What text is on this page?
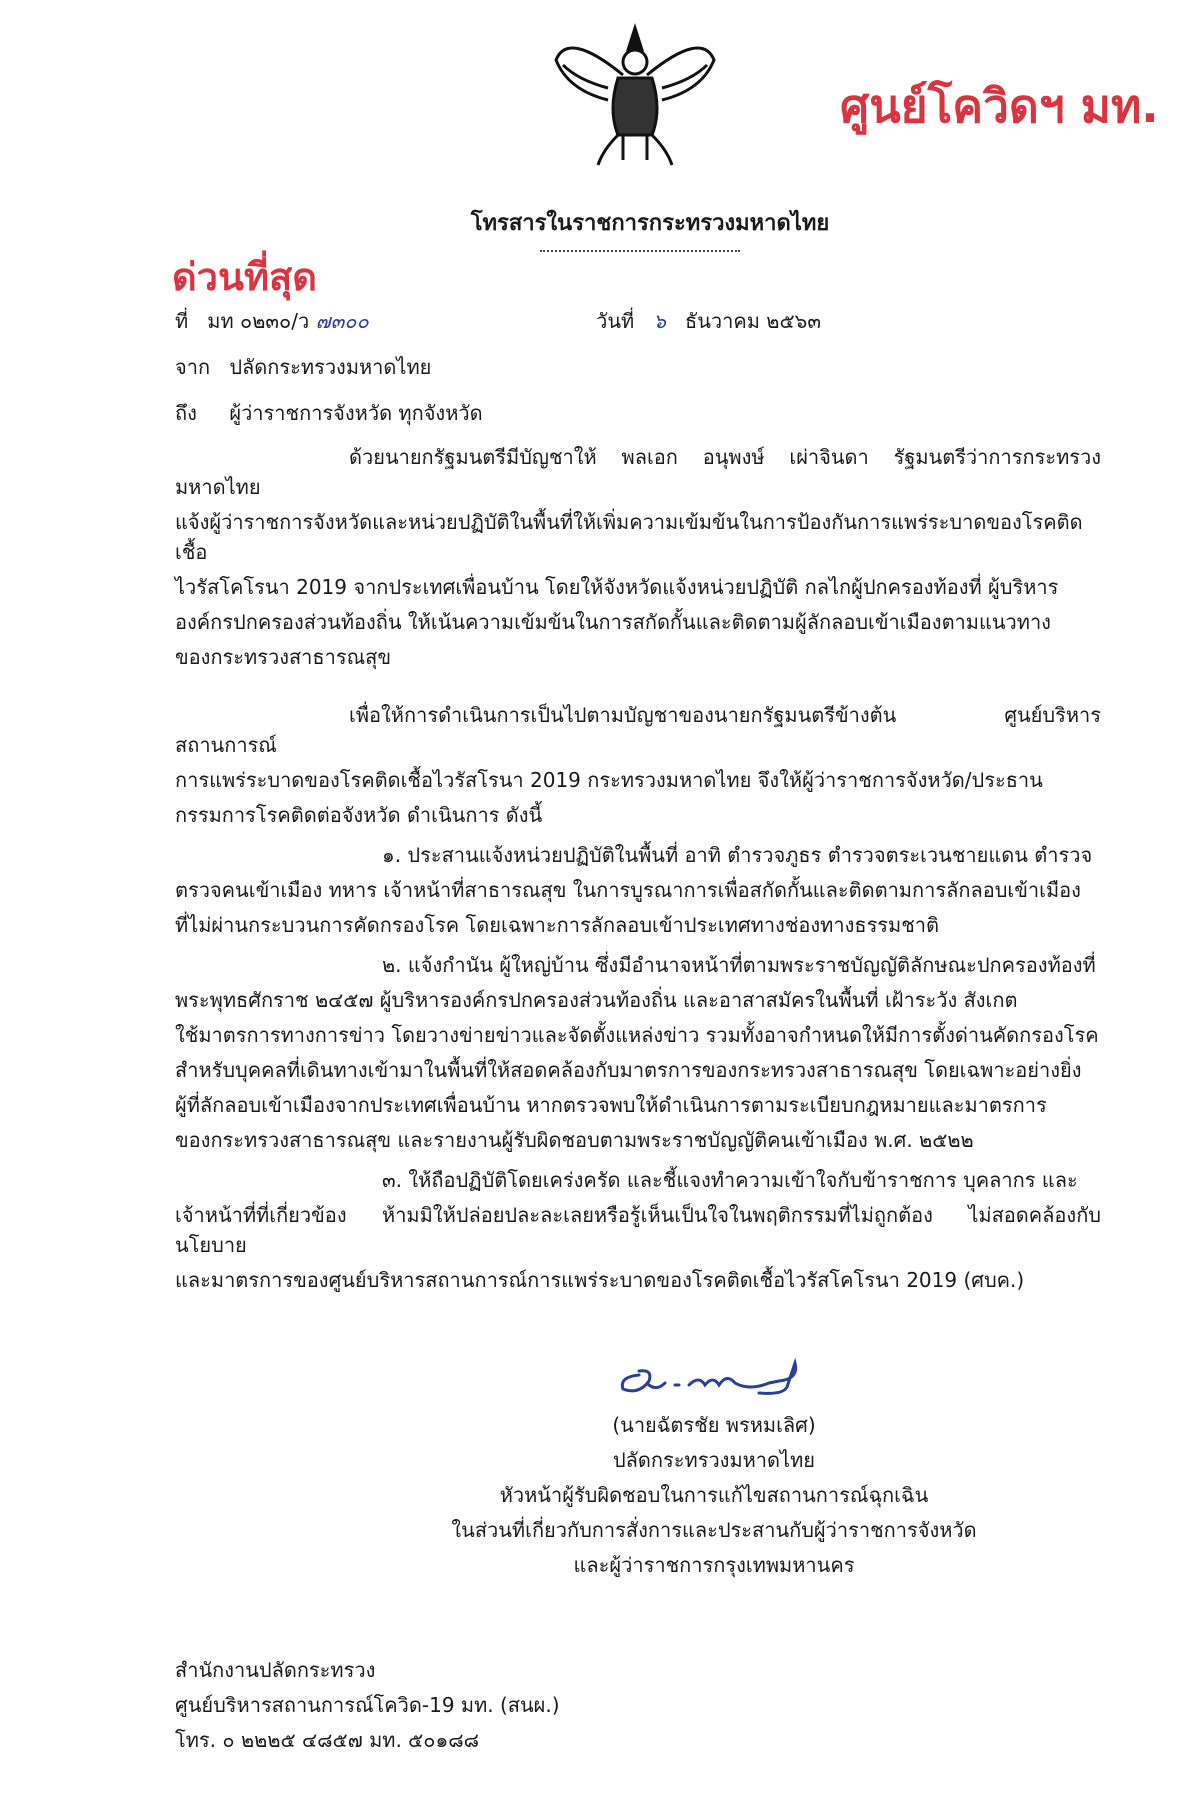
ศูนย์โควิดฯ มท.
โทรสารในราชการกระทรวงมหาดไทย
ด่วนที่สุด
ที่ มท ๐๒๓๐/ว ๗๓๐๐	วันที่ ๖ ธันวาคม ๒๕๖๓
จาก ปลัดกระทรวงมหาดไทย
ถึง ผู้ว่าราชการจังหวัด ทุกจังหวัด
ด้วยนายกรัฐมนตรีมีบัญชาให้ พลเอก อนุพงษ์ เผ่าจินดา รัฐมนตรีว่าการกระทรวงมหาดไทย
แจ้งผู้ว่าราชการจังหวัดและหน่วยปฏิบัติในพื้นที่ให้เพิ่มความเข้มข้นในการป้องกันการแพร่ระบาดของโรคติดเชื้อ
ไวรัสโคโรนา 2019 จากประเทศเพื่อนบ้าน โดยให้จังหวัดแจ้งหน่วยปฏิบัติ กลไกผู้ปกครองท้องที่ ผู้บริหาร
องค์กรปกครองส่วนท้องถิ่น ให้เน้นความเข้มข้นในการสกัดกั้นและติดตามผู้ลักลอบเข้าเมืองตามแนวทาง
ของกระทรวงสาธารณสุข
เพื่อให้การดำเนินการเป็นไปตามบัญชาของนายกรัฐมนตรีข้างต้น ศูนย์บริหารสถานการณ์
การแพร่ระบาดของโรคติดเชื้อไวรัสโรนา 2019 กระทรวงมหาดไทย จึงให้ผู้ว่าราชการจังหวัด/ประธาน
กรรมการโรคติดต่อจังหวัด ดำเนินการ ดังนี้
๑. ประสานแจ้งหน่วยปฏิบัติในพื้นที่ อาทิ ตำรวจภูธร ตำรวจตระเวนชายแดน ตำรวจ
ตรวจคนเข้าเมือง ทหาร เจ้าหน้าที่สาธารณสุข ในการบูรณาการเพื่อสกัดกั้นและติดตามการลักลอบเข้าเมือง
ที่ไม่ผ่านกระบวนการคัดกรองโรค โดยเฉพาะการลักลอบเข้าประเทศทางช่องทางธรรมชาติ
๒. แจ้งกำนัน ผู้ใหญ่บ้าน ซึ่งมีอำนาจหน้าที่ตามพระราชบัญญัติลักษณะปกครองท้องที่
พระพุทธศักราช ๒๔๕๗ ผู้บริหารองค์กรปกครองส่วนท้องถิ่น และอาสาสมัครในพื้นที่ เฝ้าระวัง สังเกต
ใช้มาตรการทางการข่าว โดยวางข่ายข่าวและจัดตั้งแหล่งข่าว รวมทั้งอาจกำหนดให้มีการตั้งด่านคัดกรองโรค
สำหรับบุคคลที่เดินทางเข้ามาในพื้นที่ให้สอดคล้องกับมาตรการของกระทรวงสาธารณสุข โดยเฉพาะอย่างยิ่ง
ผู้ที่ลักลอบเข้าเมืองจากประเทศเพื่อนบ้าน หากตรวจพบให้ดำเนินการตามระเบียบกฎหมายและมาตรการ
ของกระทรวงสาธารณสุข และรายงานผู้รับผิดชอบตามพระราชบัญญัติคนเข้าเมือง พ.ศ. ๒๕๒๒
๓. ให้ถือปฏิบัติโดยเคร่งครัด และชี้แจงทำความเข้าใจกับข้าราชการ บุคลากร และ
เจ้าหน้าที่ที่เกี่ยวข้อง ห้ามมิให้ปล่อยปละละเลยหรือรู้เห็นเป็นใจในพฤติกรรมที่ไม่ถูกต้อง ไม่สอดคล้องกับนโยบาย
และมาตรการของศูนย์บริหารสถานการณ์การแพร่ระบาดของโรคติดเชื้อไวรัสโคโรนา 2019 (ศบค.)
(นายฉัตรชัย พรหมเลิศ)
ปลัดกระทรวงมหาดไทย
หัวหน้าผู้รับผิดชอบในการแก้ไขสถานการณ์ฉุกเฉิน
ในส่วนที่เกี่ยวกับการสั่งการและประสานกับผู้ว่าราชการจังหวัด
และผู้ว่าราชการกรุงเทพมหานคร
สำนักงานปลัดกระทรวง
ศูนย์บริหารสถานการณ์โควิด-19 มท. (สนผ.)
โทร. ๐ ๒๒๒๕ ๔๘๕๗ มท. ๕๐๑๘๘
